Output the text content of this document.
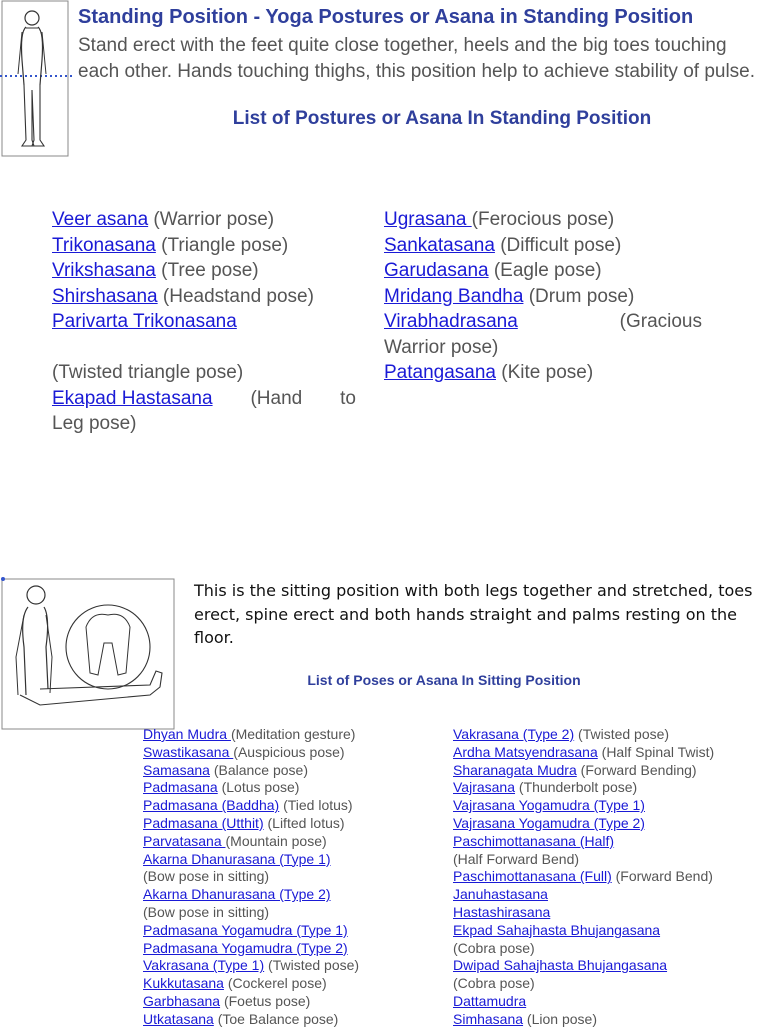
Standing Position - Yoga Postures or Asana in Standing Position
Stand erect with the feet quite close together, heels and the big toes touching each other. Hands touching thighs, this position help to achieve stability of pulse.
List of Postures or Asana In Standing Position
Veer asana (Warrior pose)
Trikonasana (Triangle pose)
Vrikshasana (Tree pose)
Shirshasana (Headstand pose)
Parivarta Trikonasana
(Twisted triangle pose)
Ekapad Hastasana (Hand to
Leg pose)
Ugrasana (Ferocious pose)
Sankatasana (Difficult pose)
Garudasana (Eagle pose)
Mridang Bandha (Drum pose)
Virabhadrasana	(Gracious
Warrior pose)
Patangasana (Kite pose)
This is the sitting position with both legs together and stretched, toes erect, spine erect and both hands straight and palms resting on the floor.
List of Poses or Asana In Sitting Position
Dhyan Mudra (Meditation gesture)
Swastikasana (Auspicious pose)
Samasana (Balance pose)
Padmasana (Lotus pose)
Padmasana (Baddha) (Tied lotus)
Padmasana (Utthit) (Lifted lotus)
Parvatasana (Mountain pose)
Akarna Dhanurasana (Type 1)
(Bow pose in sitting)
Akarna Dhanurasana (Type 2)
(Bow pose in sitting)
Padmasana Yogamudra (Type 1)
Padmasana Yogamudra (Type 2)
Vakrasana (Type 1) (Twisted pose)
Kukkutasana (Cockerel pose)
Garbhasana (Foetus pose)
Utkatasana (Toe Balance pose)
Vakrasana (Type 2) (Twisted pose)
Ardha Matsyendrasana (Half Spinal Twist)
Sharanagata Mudra (Forward Bending)
Vajrasana (Thunderbolt pose)
Vajrasana Yogamudra (Type 1)
Vajrasana Yogamudra (Type 2)
Paschimottanasana (Half)
(Half Forward Bend)
Paschimottanasana (Full) (Forward Bend)
Januhastasana
Hastashirasana
Ekpad Sahajhasta Bhujangasana
(Cobra pose)
Dwipad Sahajhasta Bhujangasana
(Cobra pose)
Dattamudra
Simhasana (Lion pose)
